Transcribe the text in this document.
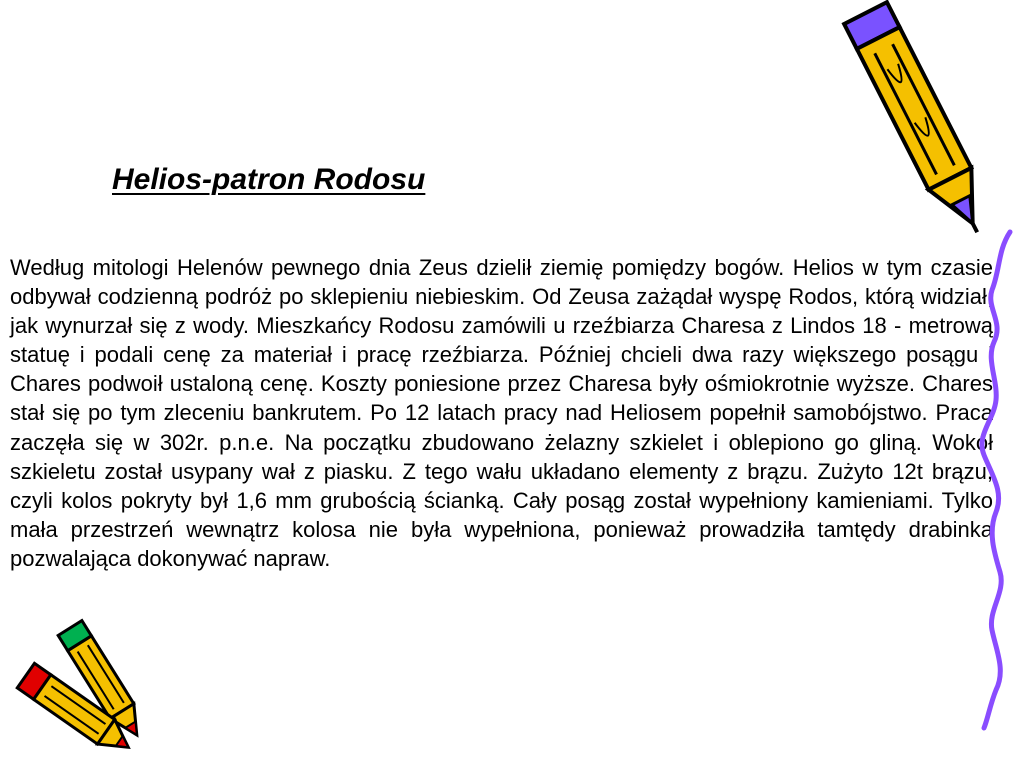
Helios-patron Rodosu

Według mitologi Helenów pewnego dnia Zeus dzielił ziemię pomiędzy bogów. Helios w tym czasie odbywał codzienną podróż po sklepieniu niebieskim. Od Zeusa zażądał wyspę Rodos, którą widział, jak wynurzał się z wody. Mieszkańcy Rodosu zamówili u rzeźbiarza Charesa z Lindos 18 - metrową statuę i podali cenę za materiał i pracę rzeźbiarza. Później chcieli dwa razy większego posągu i Chares podwoił ustaloną cenę. Koszty poniesione przez Charesa były ośmiokrotnie wyższe. Chares stał się po tym zleceniu bankrutem. Po 12 latach pracy nad Heliosem popełnił samobójstwo. Praca zaczęła się w 302r. p.n.e. Na początku zbudowano żelazny szkielet i oblepiono go gliną. Wokół szkieletu został usypany wał z piasku. Z tego wału układano elementy z brązu. Zużyto 12t brązu, czyli kolos pokryty był 1,6 mm grubością ścianką. Cały posąg został wypełniony kamieniami. Tylko mała przestrzeń wewnątrz kolosa nie była wypełniona, ponieważ prowadziła tamtędy drabinka pozwalająca dokonywać napraw.
